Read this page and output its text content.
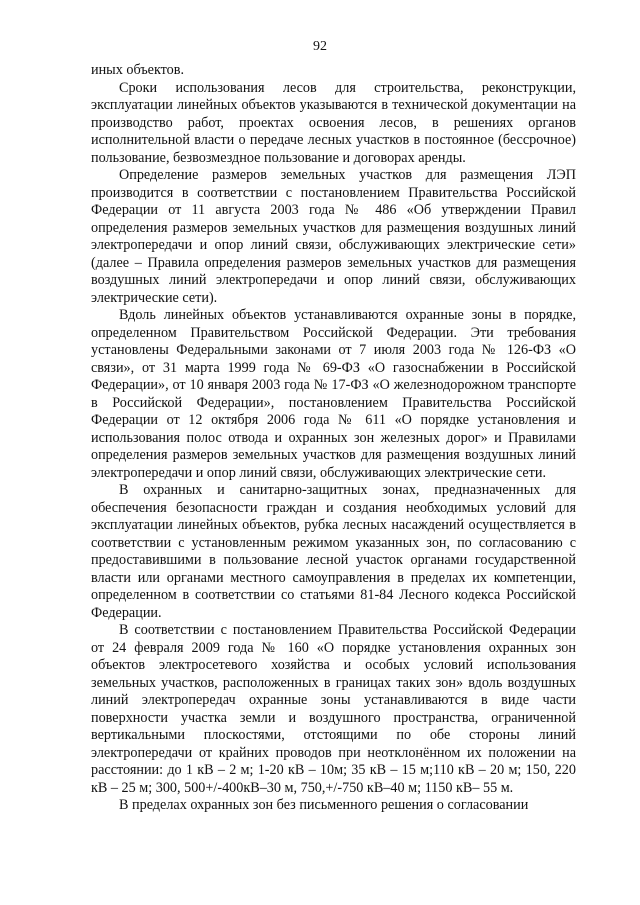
92

иных объектов.

Сроки использования лесов для строительства, реконструкции, эксплуатации линейных объектов указываются в технической документации на производство работ, проектах освоения лесов, в решениях органов исполнительной власти о передаче лесных участков в постоянное (бессрочное) пользование, безвозмездное пользование и договорах аренды.

Определение размеров земельных участков для размещения ЛЭП производится в соответствии с постановлением Правительства Российской Федерации от 11 августа 2003 года № 486 «Об утверждении Правил определения размеров земельных участков для размещения воздушных линий электропередачи и опор линий связи, обслуживающих электрические сети» (далее – Правила определения размеров земельных участков для размещения воздушных линий электропередачи и опор линий связи, обслуживающих электрические сети).

Вдоль линейных объектов устанавливаются охранные зоны в порядке, определенном Правительством Российской Федерации. Эти требования установлены Федеральными законами от 7 июля 2003 года № 126-ФЗ «О связи», от 31 марта 1999 года № 69-ФЗ «О газоснабжении в Российской Федерации», от 10 января 2003 года № 17-ФЗ «О железнодорожном транспорте в Российской Федерации», постановлением Правительства Российской Федерации от 12 октября 2006 года № 611 «О порядке установления и использования полос отвода и охранных зон железных дорог» и Правилами определения размеров земельных участков для размещения воздушных линий электропередачи и опор линий связи, обслуживающих электрические сети.

В охранных и санитарно-защитных зонах, предназначенных для обеспечения безопасности граждан и создания необходимых условий для эксплуатации линейных объектов, рубка лесных насаждений осуществляется в соответствии с установленным режимом указанных зон, по согласованию с предоставившими в пользование лесной участок органами государственной власти или органами местного самоуправления в пределах их компетенции, определенном в соответствии со статьями 81-84 Лесного кодекса Российской Федерации.

В соответствии с постановлением Правительства Российской Федерации от 24 февраля 2009 года № 160 «О порядке установления охранных зон объектов электросетевого хозяйства и особых условий использования земельных участков, расположенных в границах таких зон» вдоль воздушных линий электропередач охранные зоны устанавливаются в виде части поверхности участка земли и воздушного пространства, ограниченной вертикальными плоскостями, отстоящими по обе стороны линий электропередачи от крайних проводов при неотклонённом их положении на расстоянии: до 1 кВ – 2 м; 1-20 кВ – 10м; 35 кВ – 15 м;110 кВ – 20 м; 150, 220 кВ – 25 м; 300, 500+/-400кВ–30 м, 750,+/-750 кВ–40 м; 1150 кВ– 55 м.

В пределах охранных зон без письменного решения о согласовании
